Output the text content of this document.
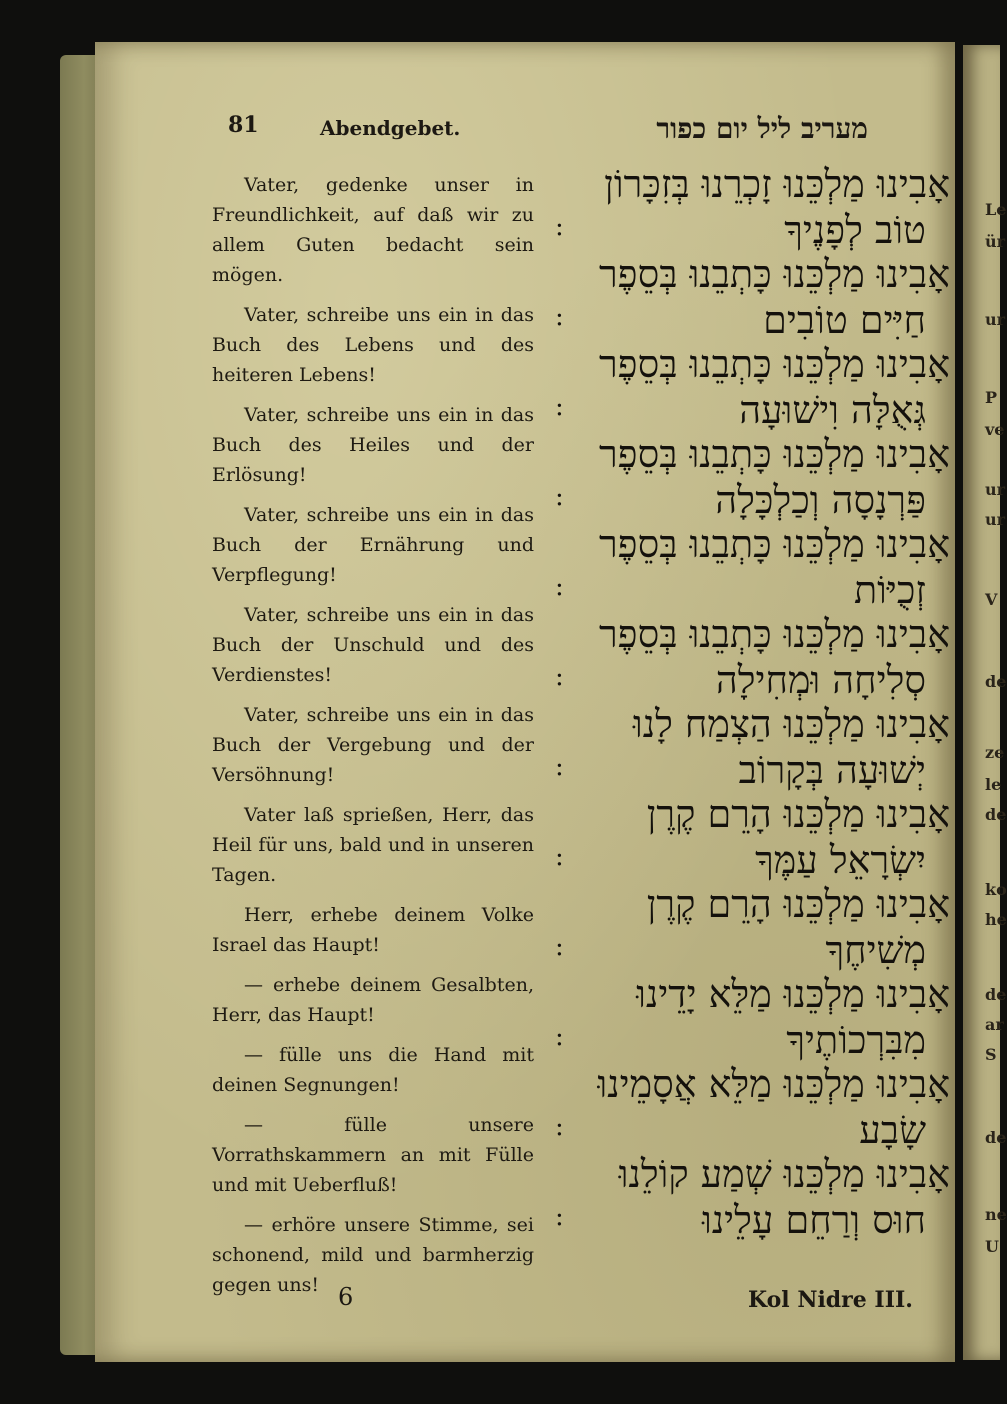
Le
ür
ur
P
ve
ur
ur
V
de
ze
le
de
ko
he
de
ar
S
de
ne
U
81	Abendgebet.	מעריב ליל יום כפור

Vater, gedenke unser in Freundlichkeit, auf daß wir zu allem Guten bedacht sein mögen.

Vater, schreibe uns ein in das Buch des Lebens und des heiteren Lebens!

Vater, schreibe uns ein in das Buch des Heiles und der Erlösung!

Vater, schreibe uns ein in das Buch der Ernährung und Verpflegung!

Vater, schreibe uns ein in das Buch der Unschuld und des Verdienstes!

Vater, schreibe uns ein in das Buch der Vergebung und der Versöhnung!

Vater laß sprießen, Herr, das Heil für uns, bald und in unseren Tagen.

Herr, erhebe deinem Volke Israel das Haupt!

— erhebe deinem Gesalbten, Herr, das Haupt!

— fülle uns die Hand mit deinen Segnungen!

— fülle unsere Vorrathskammern an mit Fülle und mit Ueberfluß!

— erhöre unsere Stimme, sei schonend, mild und barmherzig gegen uns!

אָבִינוּ מַלְכֵּנוּ זָכְרֵנוּ בְּזִכָּרוֹן
טוֹב לְפָנֶיךָ
:
אָבִינוּ מַלְכֵּנוּ כָּתְבֵנוּ בְּסֵפֶר
חַיִּים טוֹבִים
:
אָבִינוּ מַלְכֵּנוּ כָּתְבֵנוּ בְּסֵפֶר
גְּאֻלָּה וִישׁוּעָה
:
אָבִינוּ מַלְכֵּנוּ כָּתְבֵנוּ בְּסֵפֶר
פַּרְנָסָה וְכַלְכָּלָה
:
אָבִינוּ מַלְכֵּנוּ כָּתְבֵנוּ בְּסֵפֶר
זְכֻיּוֹת
:
אָבִינוּ מַלְכֵּנוּ כָּתְבֵנוּ בְּסֵפֶר
סְלִיחָה וּמְחִילָה
:
אָבִינוּ מַלְכֵּנוּ הַצְמַח לָנוּ
יְשׁוּעָה בְּקָרוֹב
:
אָבִינוּ מַלְכֵּנוּ הָרֵם קֶרֶן
יִשְׂרָאֵל עַמֶּךָ
:
אָבִינוּ מַלְכֵּנוּ הָרֵם קֶרֶן
מְשִׁיחֶךָ
:
אָבִינוּ מַלְכֵּנוּ מַלֵּא יָדֵינוּ
מִבִּרְכוֹתֶיךָ
:
אָבִינוּ מַלְכֵּנוּ מַלֵּא אֲסָמֵינוּ
שָׂבָע
:
אָבִינוּ מַלְכֵּנוּ שְׁמַע קוֹלֵנוּ
חוּס וְרַחֵם עָלֵינוּ
:
6	Kol Nidre III.
